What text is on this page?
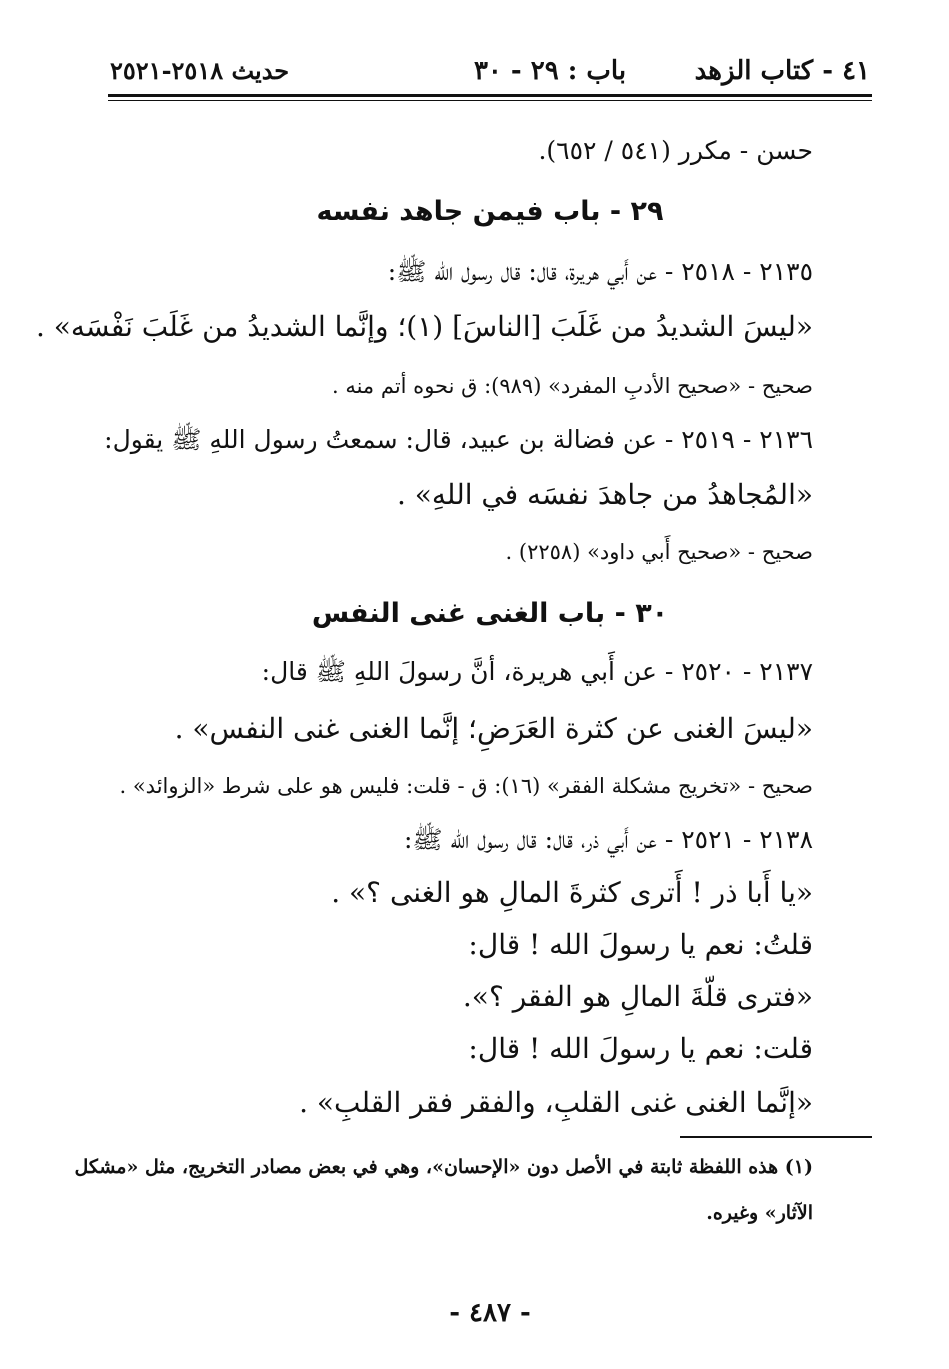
٤١ - كتاب الزهد
باب : ٢٩ - ٣٠
حديث ٢٥١٨-٢٥٢١
حسن - مكرر (٥٤١ / ٦٥٢).
٢٩ - باب فيمن جاهد نفسه
٢١٣٥ - ٢٥١٨ - عن أَبي هريرة، قال: قال رسول الله ﷺ:
«ليسَ الشديدُ من غَلَبَ [الناسَ] (١)؛ وإنَّما الشديدُ من غَلَبَ نَفْسَه» .
صحيح - «صحيح الأدبِ المفرد» (٩٨٩): ق نحوه أتم منه .
٢١٣٦ - ٢٥١٩ - عن فضالة بن عبيد، قال: سمعتُ رسول اللهِ ﷺ يقول:
«المُجاهدُ من جاهدَ نفسَه في اللهِ» .
صحيح - «صحيح أَبي داود» (٢٢٥٨) .
٣٠ - باب الغنى غنى النفس
٢١٣٧ - ٢٥٢٠ - عن أَبي هريرة، أنَّ رسولَ اللهِ ﷺ قال:
«ليسَ الغنى عن كثرة العَرَضِ؛ إنَّما الغنى غنى النفس» .
صحيح - «تخريج مشكلة الفقر» (١٦): ق - قلت: فليس هو على شرط «الزوائد» .
٢١٣٨ - ٢٥٢١ - عن أَبي ذر، قال: قال رسول الله ﷺ:
«يا أَبا ذر ! أَترى كثرةَ المالِ هو الغنى ؟» .
قلتُ: نعم يا رسولَ الله ! قال:
«فترى قلّةَ المالِ هو الفقر ؟».
قلت: نعم يا رسولَ الله ! قال:
«إنَّما الغنى غنى القلبِ، والفقر فقر القلبِ» .
(١) هذه اللفظة ثابتة في الأصل دون «الإحسان»، وهي في بعض مصادر التخريج، مثل «مشكل
الآثار» وغيره.
- ٤٨٧ -
